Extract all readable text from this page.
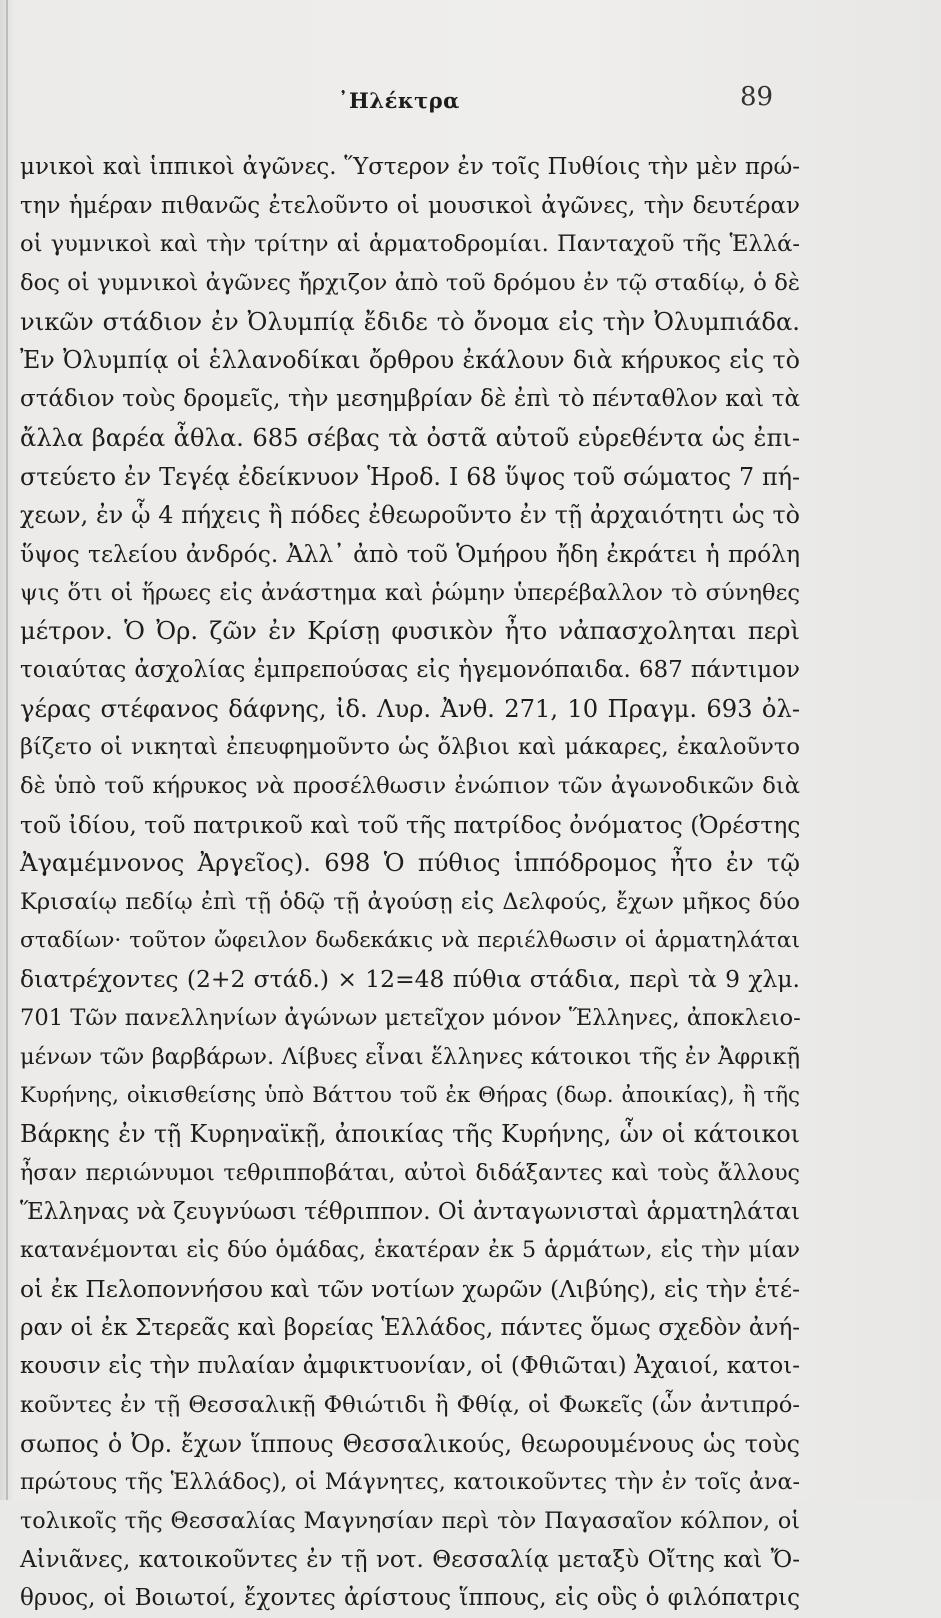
᾿Ηλέκτρα	89
μνικοὶ καὶ ἱππικοὶ ἀγῶνες. Ὕστερον ἐν τοῖς Πυθίοις τὴν μὲν πρώ-
την ἡμέραν πιθανῶς ἐτελοῦντο οἱ μουσικοὶ ἀγῶνες, τὴν δευτέραν
οἱ γυμνικοὶ καὶ τὴν τρίτην αἱ ἁρματοδρομίαι. Πανταχοῦ τῆς Ἑλλά-
δος οἱ γυμνικοὶ ἀγῶνες ἤρχιζον ἀπὸ τοῦ δρόμου ἐν τῷ σταδίῳ, ὁ δὲ
νικῶν στάδιον ἐν Ὀλυμπίᾳ ἔδιδε τὸ ὄνομα εἰς τὴν Ὀλυμπιάδα.
Ἐν Ὀλυμπίᾳ οἱ ἑλλανοδίκαι ὄρθρου ἐκάλουν διὰ κήρυκος εἰς τὸ
στάδιον τοὺς δρομεῖς, τὴν μεσημβρίαν δὲ ἐπὶ τὸ πένταθλον καὶ τὰ
ἄλλα βαρέα ἆθλα. 685 σέβας τὰ ὀστᾶ αὐτοῦ εὑρεθέντα ὡς ἐπι-
στεύετο ἐν Τεγέᾳ ἐδείκνυον Ἡροδ. Ι 68 ὕψος τοῦ σώματος 7 πή-
χεων, ἐν ᾧ 4 πήχεις ἢ πόδες ἐθεωροῦντο ἐν τῇ ἀρχαιότητι ὡς τὸ
ὕψος τελείου ἀνδρός. Ἀλλ᾿ ἀπὸ τοῦ Ὁμήρου ἤδη ἐκράτει ἡ πρόλη
ψις ὅτι οἱ ἥρωες εἰς ἀνάστημα καὶ ῥώμην ὑπερέβαλλον τὸ σύνηθες
μέτρον. Ὁ Ὀρ. ζῶν ἐν Κρίσῃ φυσικὸν ἦτο νἀπασχοληται περὶ
τοιαύτας ἀσχολίας ἐμπρεπούσας εἰς ἡγεμονόπαιδα. 687 πάντιμον
γέρας στέφανος δάφνης, ἰδ. Λυρ. Ἀνθ. 271, 10 Πραγμ. 693 ὀλ-
βίζετο οἱ νικηταὶ ἐπευφημοῦντο ὡς ὄλβιοι καὶ μάκαρες, ἐκαλοῦντο
δὲ ὑπὸ τοῦ κήρυκος νὰ προσέλθωσιν ἐνώπιον τῶν ἀγωνοδικῶν διὰ
τοῦ ἰδίου, τοῦ πατρικοῦ καὶ τοῦ τῆς πατρίδος ὀνόματος (Ὀρέστης
Ἀγαμέμνονος Ἀργεῖος). 698 Ὁ πύθιος ἱππόδρομος ἦτο ἐν τῷ
Κρισαίῳ πεδίῳ ἐπὶ τῇ ὁδῷ τῇ ἀγούσῃ εἰς Δελφούς, ἔχων μῆκος δύο
σταδίων· τοῦτον ὤφειλον δωδεκάκις νὰ περιέλθωσιν οἱ ἁρματηλάται
διατρέχοντες (2+2 στάδ.) × 12=48 πύθια στάδια, περὶ τὰ 9 χλμ.
701 Τῶν πανελληνίων ἀγώνων μετεῖχον μόνον Ἕλληνες, ἀποκλειο-
μένων τῶν βαρβάρων. Λίβυες εἶναι ἕλληνες κάτοικοι τῆς ἐν Ἀφρικῇ
Κυρήνης, οἰκισθείσης ὑπὸ Βάττου τοῦ ἐκ Θήρας (δωρ. ἀποικίας), ἢ τῆς
Βάρκης ἐν τῇ Κυρηναϊκῇ, ἀποικίας τῆς Κυρήνης, ὧν οἱ κάτοικοι
ἦσαν περιώνυμοι τεθριπποβάται, αὐτοὶ διδάξαντες καὶ τοὺς ἄλλους
Ἕλληνας νὰ ζευγνύωσι τέθριππον. Οἱ ἀνταγωνισταὶ ἁρματηλάται
κατανέμονται εἰς δύο ὁμάδας, ἑκατέραν ἐκ 5 ἁρμάτων, εἰς τὴν μίαν
οἱ ἐκ Πελοποννήσου καὶ τῶν νοτίων χωρῶν (Λιβύης), εἰς τὴν ἑτέ-
ραν οἱ ἐκ Στερεᾶς καὶ βορείας Ἑλλάδος, πάντες ὅμως σχεδὸν ἀνή-
κουσιν εἰς τὴν πυλαίαν ἀμφικτυονίαν, οἱ (Φθιῶται) Ἀχαιοί, κατοι-
κοῦντες ἐν τῇ Θεσσαλικῇ Φθιώτιδι ἢ Φθίᾳ, οἱ Φωκεῖς (ὧν ἀντιπρό-
σωπος ὁ Ὀρ. ἔχων ἵππους Θεσσαλικούς, θεωρουμένους ὡς τοὺς
πρώτους τῆς Ἑλλάδος), οἱ Μάγνητες, κατοικοῦντες τὴν ἐν τοῖς ἀνα-
τολικοῖς τῆς Θεσσαλίας Μαγνησίαν περὶ τὸν Παγασαῖον κόλπον, οἱ
Αἰνιᾶνες, κατοικοῦντες ἐν τῇ νοτ. Θεσσαλίᾳ μεταξὺ Οἴτης καὶ Ὄ-
θρυος, οἱ Βοιωτοί, ἔχοντες ἀρίστους ἵππους, εἰς οὓς ὁ φιλόπατρις
